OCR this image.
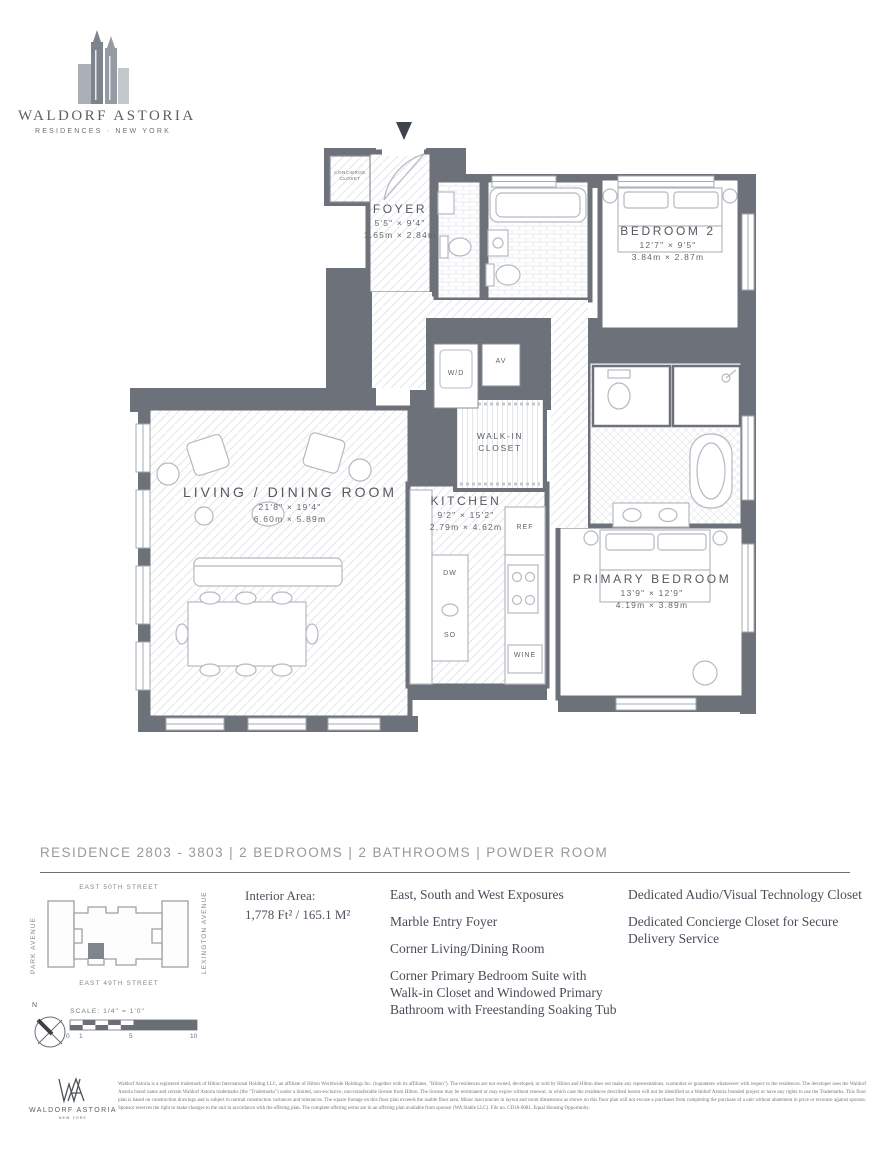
WALDORF ASTORIA
RESIDENCES · NEW YORK
FOYER
5'5" × 9'4"
1.65m × 2.84m	BEDROOM 2
12'7" × 9'5"
3.84m × 2.87m
LIVING / DINING ROOM
21'8" × 19'4"
6.60m × 5.89m
KITCHEN
9'2" × 15'2"
2.79m × 4.62m
PRIMARY BEDROOM
13'9" × 12'9"
4.19m × 3.89m
WALK-IN
CLOSET
CONCIERGE
CLOSET
W/D
AV
REF
DW
SO
WINE
RESIDENCE 2803 - 3803 | 2 BEDROOMS | 2 BATHROOMS | POWDER ROOM
EAST 50TH STREET
EAST 49TH STREET
PARK AVENUE	LEXINGTON AVENUE
N
SCALE: 1/4" = 1'0"
0 1	5	10
Interior Area:
1,778 Ft² / 165.1 M²
East, South and West Exposures
Marble Entry Foyer
Corner Living/Dining Room
Corner Primary Bedroom Suite with Walk-in Closet and Windowed Primary Bathroom with Freestanding Soaking Tub
Dedicated Audio/Visual Technology Closet
Dedicated Concierge Closet for Secure Delivery Service
WALDORF ASTORIA
NEW YORK
Waldorf Astoria is a registered trademark of Hilton International Holding LLC, an affiliate of Hilton Worldwide Holdings Inc. (together with its affiliates, "Hilton"). The residences are not owned, developed, or sold by Hilton and Hilton does not make any representations, warranties or guarantees whatsoever with respect to the residences. The developer uses the Waldorf Astoria brand name and certain Waldorf Astoria trademarks (the "Trademarks") under a limited, non-exclusive, non-transferable license from Hilton. The license may be terminated or may expire without renewal, in which case the residences described herein will not be identified as a Waldorf Astoria branded project or have any rights to use the Trademarks. This floor plan is based on construction drawings and is subject to normal construction variances and tolerances. The square footage on this floor plan exceeds the usable floor area. Minor inaccuracies in layout and room dimensions as shown on this floor plan will not excuse a purchaser from completing the purchase of a unit without abatement in price or recourse against sponsor. Sponsor reserves the right to make changes to the unit in accordance with the offering plan. The complete offering terms are in an offering plan available from sponsor (WA Stable LLC). File no. CD18-0081. Equal Housing Opportunity.
